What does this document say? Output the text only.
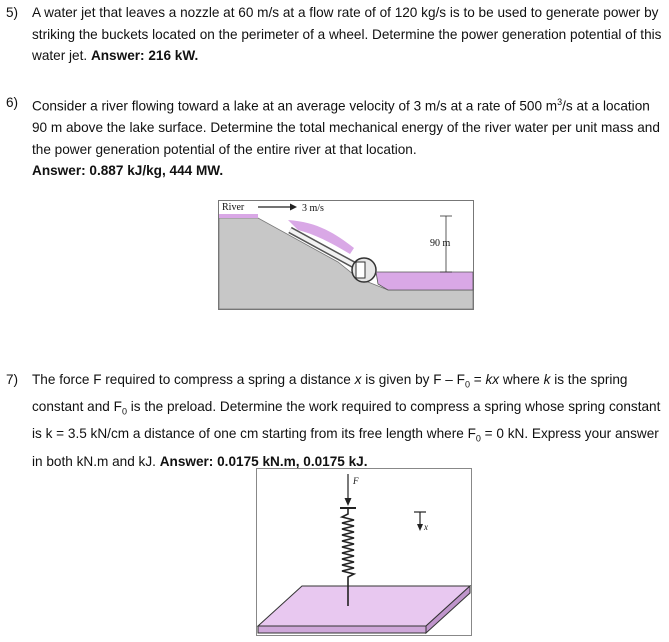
5) A water jet that leaves a nozzle at 60 m/s at a flow rate of of 120 kg/s is to be used to generate power by striking the buckets located on the perimeter of a wheel. Determine the power generation potential of this water jet. Answer: 216 kW.
6) Consider a river flowing toward a lake at an average velocity of 3 m/s at a rate of 500 $m^3/s$ at a location 90 m above the lake surface. Determine the total mechanical energy of the river water per unit mass and the power generation potential of the entire river at that location.
Answer: 0.887 kJ/kg, 444 MW.
90 m
River	3 m/s
7) The force F required to compress a spring a distance x is given by F – $F_0$ = kx where k is the spring constant and $F_0$ is the preload. Determine the work required to compress a spring whose spring constant is k = 3.5 kN/cm a distance of one cm starting from its free length where $F_0 = 0$ kN. Express your answer in both kN.m and kJ. Answer: 0.0175 kN.m, 0.0175 kJ.
F
x
